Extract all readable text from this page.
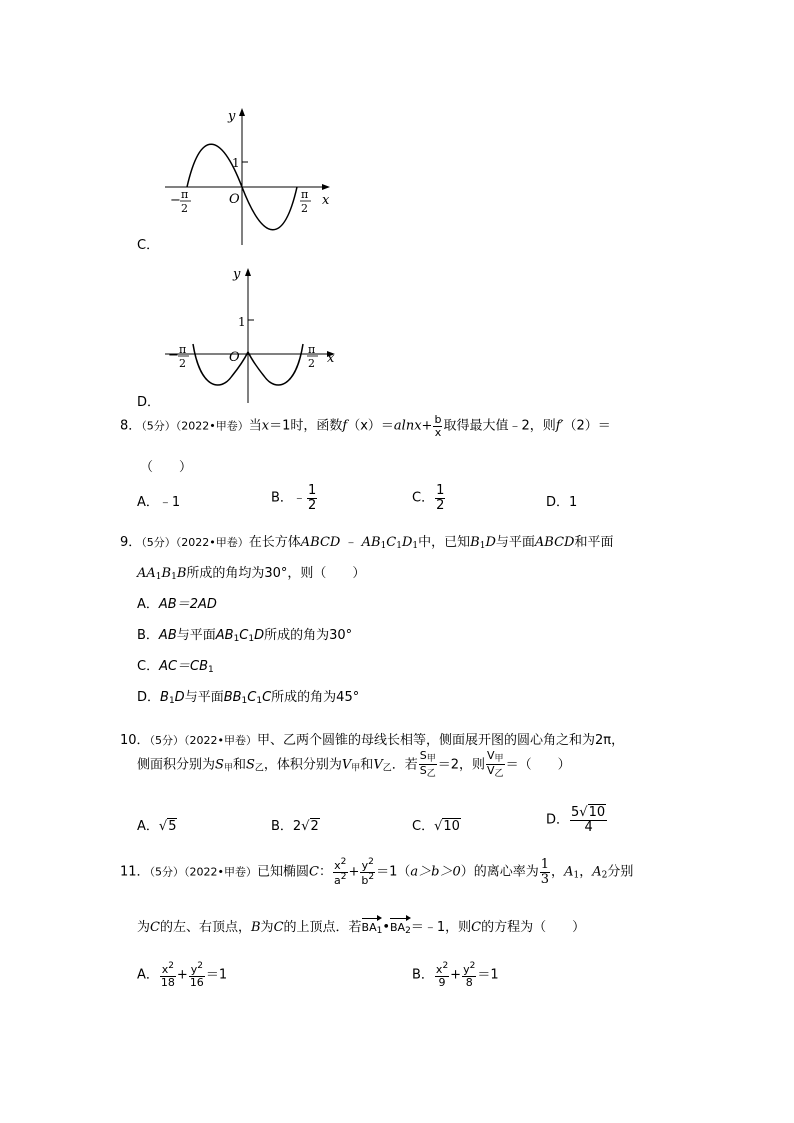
y
x
O
1
− π
2
π
2
C．
y
x
O
1
− π
2
π
2
D．
8．（5分）（2022•甲卷）当x＝1时，函数$f(x)=alnx+ \frac{b}{x}$ 取得最大值﹣2，则f′（2）＝
（　　）
A．﹣1	B．﹣ $\frac{1}{2}$	C． $\frac{1}{2}$	D．1
9．（5分）（2022•甲卷）在长方体ABCD ﹣ $AB_1C_1D_1$中，已知$B_1D$与平面ABCD和平面
$AA_1B_1B$所成的角均为30°，则（　　）
A．AB＝2AD
B．AB与平面$AB_1C_1D$所成的角为30°
C．$AC=CB_1$
D．$B_1D$与平面$BB_1C_1C$所成的角为45°
10．（5分）（2022•甲卷）甲、乙两个圆锥的母线长相等，侧面展开图的圆心角之和为2π，
侧面积分别为$S_甲$和$S_乙$，体积分别为$V_甲$和$V_乙$．若 $\frac{S_甲}{S_乙} =2$，则 $\frac{V_甲}{V_乙}$ ＝（　　）
A．√5	B．2√2	C．√10	D． $\frac{5√10}{4}$
11．（5分）（2022•甲卷）已知椭圆C： $\frac{x^2}{a^2} + \frac{y^2}{b^2} =1(a>b>0)$的离心率为 $\frac{1}{3}$ ，$A_1$，$A_2$分别
为C的左、右顶点，B为C的上顶点．若$BA_1•BA_2=﹣1$，则C的方程为（　　）
A． $\frac{x^2}{18} + \frac{y^2}{16} =1$	B． $\frac{x^2}{9} + \frac{y^2}{8} =1$
